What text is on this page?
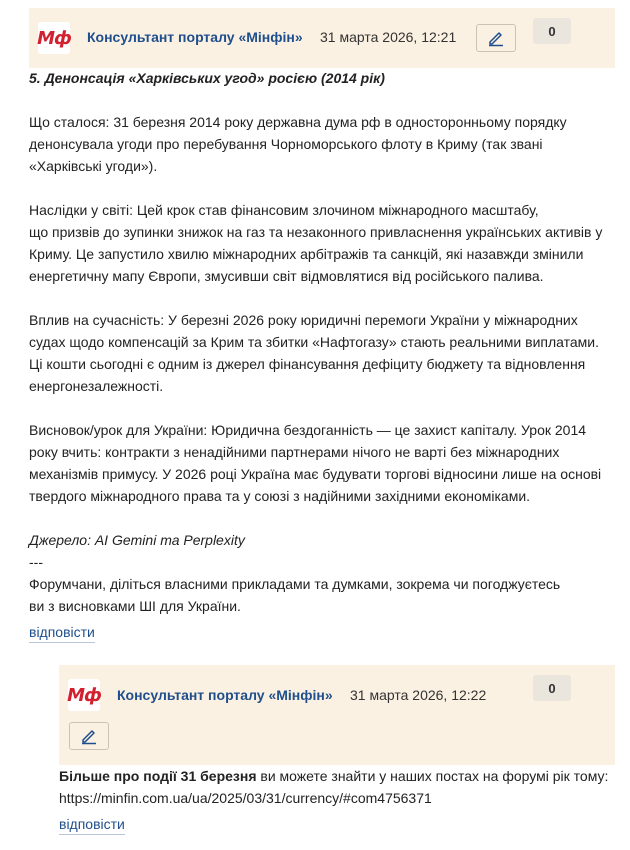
Мф Консультант порталу «Мінфін» 31 марта 2026, 12:21	0
5. Денонсація «Харківських угод» росією (2014 рік)
Що сталося: 31 березня 2014 року державна дума рф в односторонньому порядку денонсувала угоди про перебування Чорноморського флоту в Криму (так звані «Харківські угоди»).
Наслідки у світі: Цей крок став фінансовим злочином міжнародного масштабу,
що призвів до зупинки знижок на газ та незаконного привласнення українських активів у Криму. Це запустило хвилю міжнародних арбітражів та санкцій, які назавжди змінили енергетичну мапу Європи, змусивши світ відмовлятися від російського палива.
Вплив на сучасність: У березні 2026 року юридичні перемоги України у міжнародних судах щодо компенсацій за Крим та збитки «Нафтогазу» стають реальними виплатами. Ці кошти сьогодні є одним із джерел фінансування дефіциту бюджету та відновлення енергонезалежності.
Висновок/урок для України: Юридична бездоганність — це захист капіталу. Урок 2014 року вчить: контракти з ненадійними партнерами нічого не варті без міжнародних механізмів примусу. У 2026 році Україна має будувати торгові відносини лише на основі твердого міжнародного права та у союзі з надійними західними економіками.
Джерело: AI Gemini та Perplexity
---
Форумчани, діліться власними прикладами та думками, зокрема чи погоджуєтесь
ви з висновками ШІ для України.
відповісти
Мф Консультант порталу «Мінфін» 31 марта 2026, 12:22	0
Більше про події 31 березня ви можете знайти у наших постах на форумі рік тому:
https://minfin.com.ua/ua/2025/03/31/currency/#com4756371
відповісти
